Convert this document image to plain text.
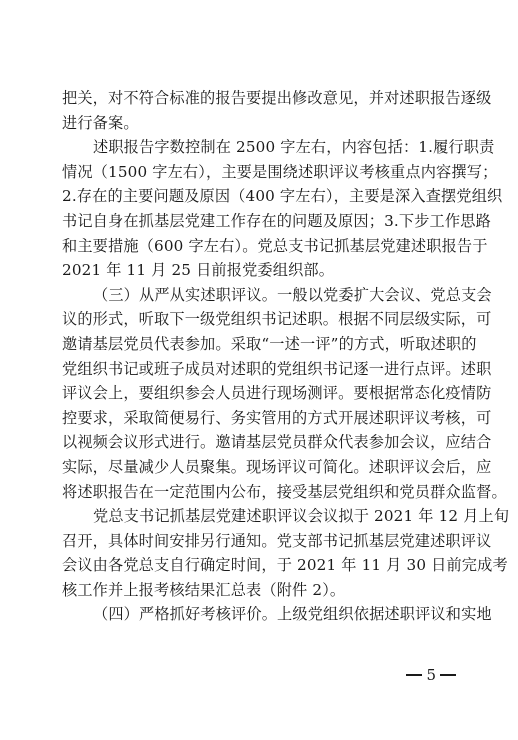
把关，对不符合标准的报告要提出修改意见，并对述职报告逐级
进行备案。
述职报告字数控制在 2500 字左右，内容包括：1.履行职责
情况（1500 字左右），主要是围绕述职评议考核重点内容撰写；
2.存在的主要问题及原因（400 字左右），主要是深入查摆党组织
书记自身在抓基层党建工作存在的问题及原因；3.下步工作思路
和主要措施（600 字左右）。党总支书记抓基层党建述职报告于
2021 年 11 月 25 日前报党委组织部。
（三）从严从实述职评议。一般以党委扩大会议、党总支会
议的形式，听取下一级党组织书记述职。根据不同层级实际，可
邀请基层党员代表参加。采取“一述一评”的方式，听取述职的
党组织书记或班子成员对述职的党组织书记逐一进行点评。述职
评议会上，要组织参会人员进行现场测评。要根据常态化疫情防
控要求，采取简便易行、务实管用的方式开展述职评议考核，可
以视频会议形式进行。邀请基层党员群众代表参加会议，应结合
实际，尽量减少人员聚集。现场评议可简化。述职评议会后，应
将述职报告在一定范围内公布，接受基层党组织和党员群众监督。
党总支书记抓基层党建述职评议会议拟于 2021 年 12 月上旬
召开，具体时间安排另行通知。党支部书记抓基层党建述职评议
会议由各党总支自行确定时间，于 2021 年 11 月 30 日前完成考
核工作并上报考核结果汇总表（附件 2）。
（四）严格抓好考核评价。上级党组织依据述职评议和实地
5
